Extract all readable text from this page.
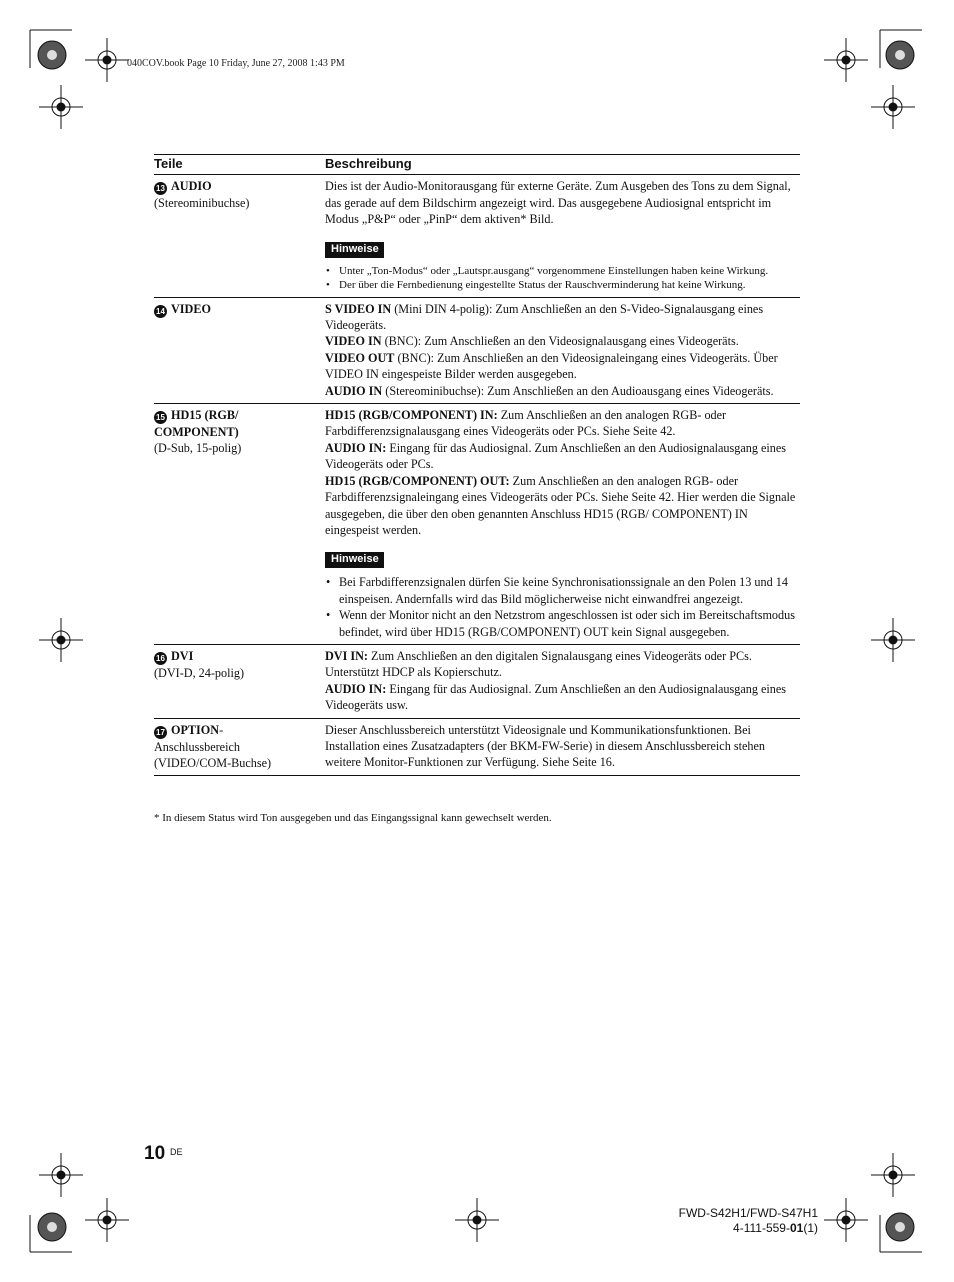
040COV.book Page 10 Friday, June 27, 2008 1:43 PM
Teile	Beschreibung
13 AUDIO
(Stereominibuchse)
Dies ist der Audio-Monitorausgang für externe Geräte. Zum Ausgeben des Tons zu dem Signal, das gerade auf dem Bildschirm angezeigt wird. Das ausgegebene Audiosignal entspricht im Modus „P&P“ oder „PinP“ dem aktiven* Bild.
Hinweise
• Unter „Ton-Modus“ oder „Lautspr.ausgang“ vorgenommene Einstellungen haben keine Wirkung.
• Der über die Fernbedienung eingestellte Status der Rauschverminderung hat keine Wirkung.
14 VIDEO	S VIDEO IN (Mini DIN 4-polig): Zum Anschließen an den S-Video-Signalausgang eines Videogeräts.
VIDEO IN (BNC): Zum Anschließen an den Videosignalausgang eines Videogeräts.
VIDEO OUT (BNC): Zum Anschließen an den Videosignaleingang eines Videogeräts. Über VIDEO IN eingespeiste Bilder werden ausgegeben.
AUDIO IN (Stereominibuchse): Zum Anschließen an den Audioausgang eines Videogeräts.
15 HD15 (RGB/
COMPONENT)
(D-Sub, 15-polig)
HD15 (RGB/COMPONENT) IN: Zum Anschließen an den analogen RGB- oder Farbdifferenzsignalausgang eines Videogeräts oder PCs. Siehe Seite 42.
AUDIO IN: Eingang für das Audiosignal. Zum Anschließen an den Audiosignalausgang eines Videogeräts oder PCs.
HD15 (RGB/COMPONENT) OUT: Zum Anschließen an den analogen RGB- oder Farbdifferenzsignaleingang eines Videogeräts oder PCs. Siehe Seite 42. Hier werden die Signale ausgegeben, die über den oben genannten Anschluss HD15 (RGB/ COMPONENT) IN eingespeist werden.
Hinweise
• Bei Farbdifferenzsignalen dürfen Sie keine Synchronisationssignale an den Polen 13 und 14 einspeisen. Andernfalls wird das Bild möglicherweise nicht einwandfrei angezeigt.
• Wenn der Monitor nicht an den Netzstrom angeschlossen ist oder sich im Bereitschaftsmodus befindet, wird über HD15 (RGB/COMPONENT) OUT kein Signal ausgegeben.
16 DVI
(DVI-D, 24-polig)
DVI IN: Zum Anschließen an den digitalen Signalausgang eines Videogeräts oder PCs. Unterstützt HDCP als Kopierschutz.
AUDIO IN: Eingang für das Audiosignal. Zum Anschließen an den Audiosignalausgang eines Videogeräts usw.
17 OPTION-
Anschlussbereich
(VIDEO/COM-Buchse)
Dieser Anschlussbereich unterstützt Videosignale und Kommunikationsfunktionen. Bei Installation eines Zusatzadapters (der BKM-FW-Serie) in diesem Anschlussbereich stehen weitere Monitor-Funktionen zur Verfügung. Siehe Seite 16.
* In diesem Status wird Ton ausgegeben und das Eingangssignal kann gewechselt werden.
10 DE
FWD-S42H1/FWD-S47H1
4-111-559-01(1)
